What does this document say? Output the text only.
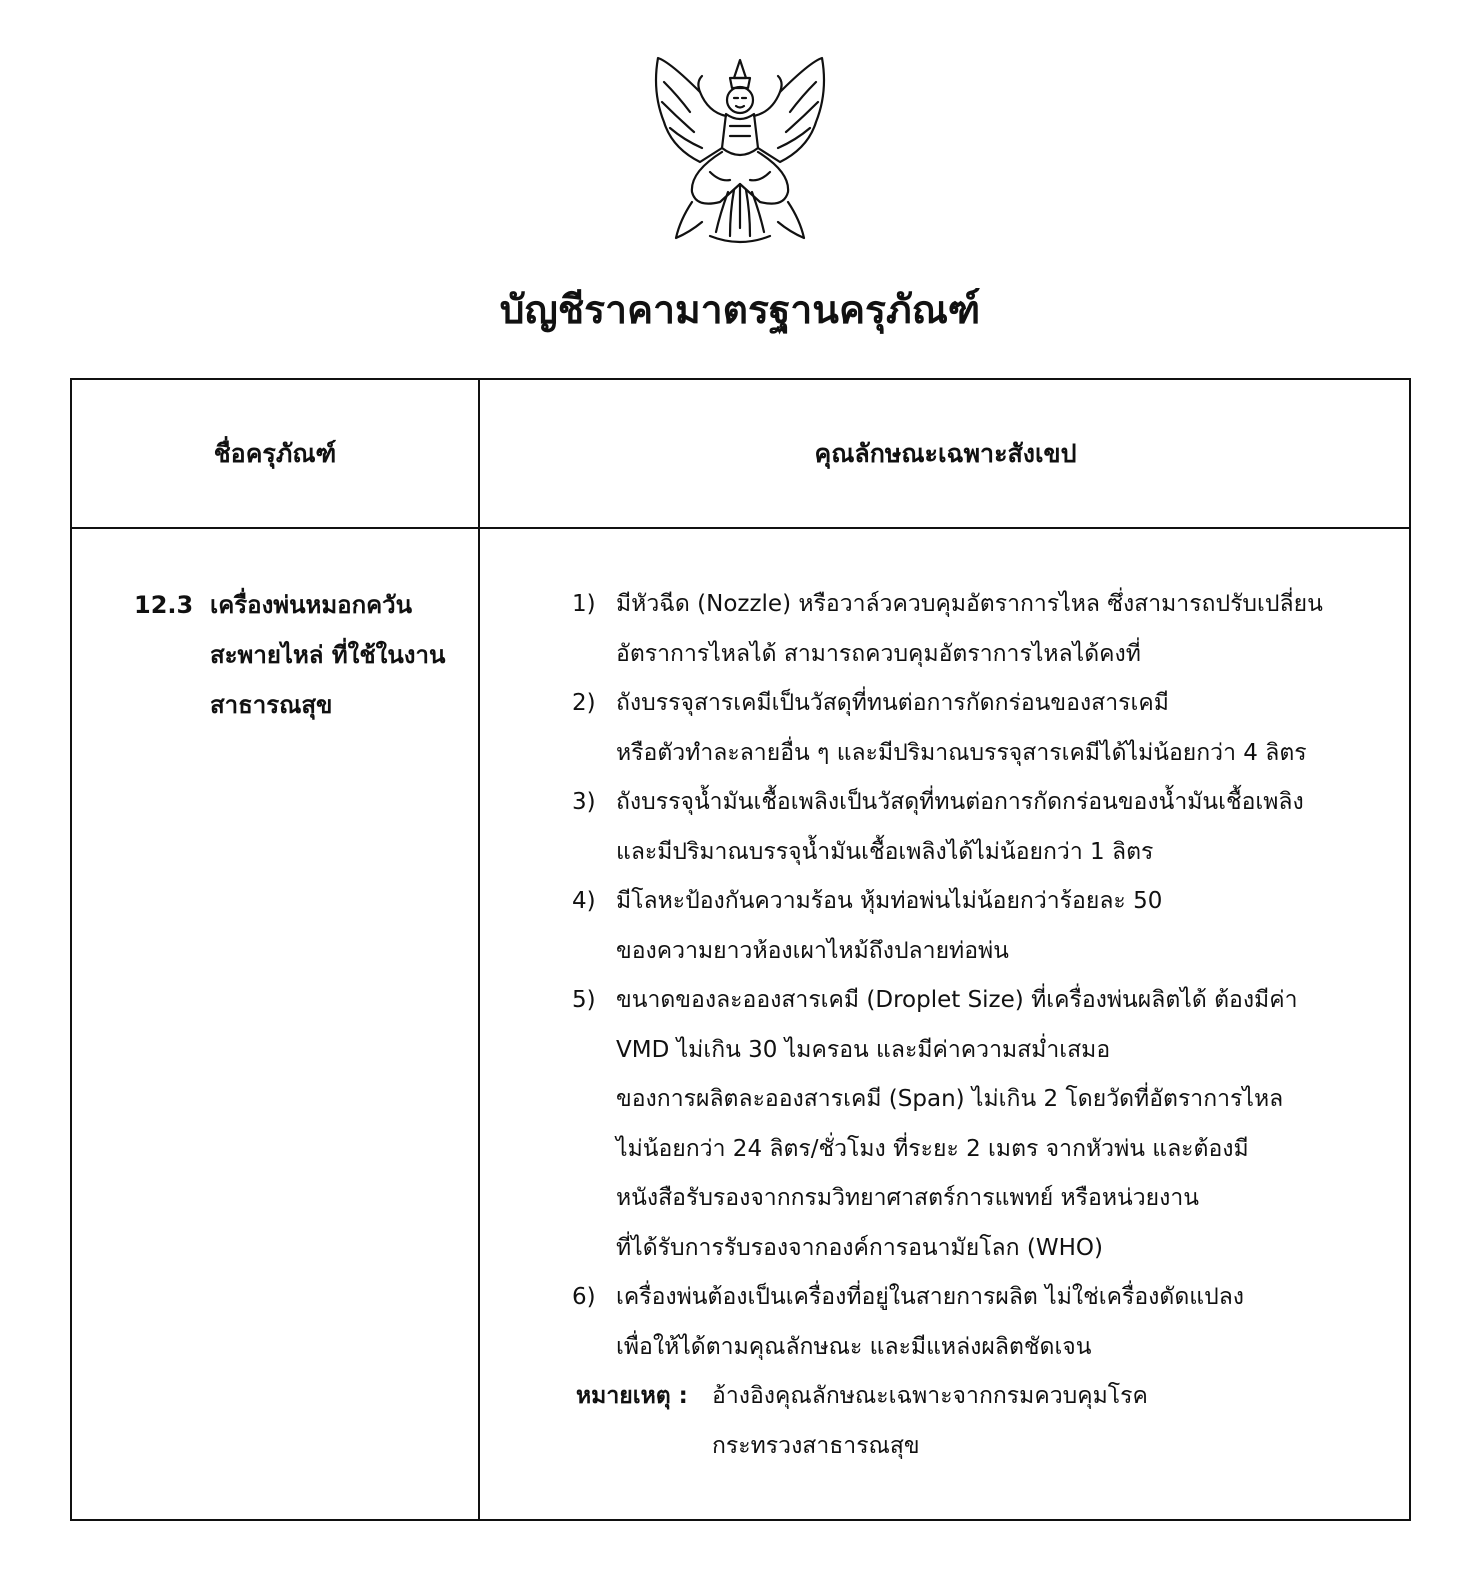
บัญชีราคามาตรฐานครุภัณฑ์
ชื่อครุภัณฑ์	คุณลักษณะเฉพาะสังเขป
12.3 เครื่องพ่นหมอกควันสะพายไหล่ ที่ใช้ในงานสาธารณสุข
1) มีหัวฉีด (Nozzle) หรือวาล์วควบคุมอัตราการไหล ซึ่งสามารถปรับเปลี่ยน
อัตราการไหลได้ สามารถควบคุมอัตราการไหลได้คงที่
2) ถังบรรจุสารเคมีเป็นวัสดุที่ทนต่อการกัดกร่อนของสารเคมี
หรือตัวทำละลายอื่น ๆ และมีปริมาณบรรจุสารเคมีได้ไม่น้อยกว่า 4 ลิตร
3) ถังบรรจุน้ำมันเชื้อเพลิงเป็นวัสดุที่ทนต่อการกัดกร่อนของน้ำมันเชื้อเพลิง
และมีปริมาณบรรจุน้ำมันเชื้อเพลิงได้ไม่น้อยกว่า 1 ลิตร
4) มีโลหะป้องกันความร้อน หุ้มท่อพ่นไม่น้อยกว่าร้อยละ 50
ของความยาวห้องเผาไหม้ถึงปลายท่อพ่น
5) ขนาดของละอองสารเคมี (Droplet Size) ที่เครื่องพ่นผลิตได้ ต้องมีค่า
VMD ไม่เกิน 30 ไมครอน และมีค่าความสม่ำเสมอ
ของการผลิตละอองสารเคมี (Span) ไม่เกิน 2 โดยวัดที่อัตราการไหล
ไม่น้อยกว่า 24 ลิตร/ชั่วโมง ที่ระยะ 2 เมตร จากหัวพ่น และต้องมี
หนังสือรับรองจากกรมวิทยาศาสตร์การแพทย์ หรือหน่วยงาน
ที่ได้รับการรับรองจากองค์การอนามัยโลก (WHO)
6) เครื่องพ่นต้องเป็นเครื่องที่อยู่ในสายการผลิต ไม่ใช่เครื่องดัดแปลง
เพื่อให้ได้ตามคุณลักษณะ และมีแหล่งผลิตชัดเจน
หมายเหตุ : อ้างอิงคุณลักษณะเฉพาะจากกรมควบคุมโรค
กระทรวงสาธารณสุข
